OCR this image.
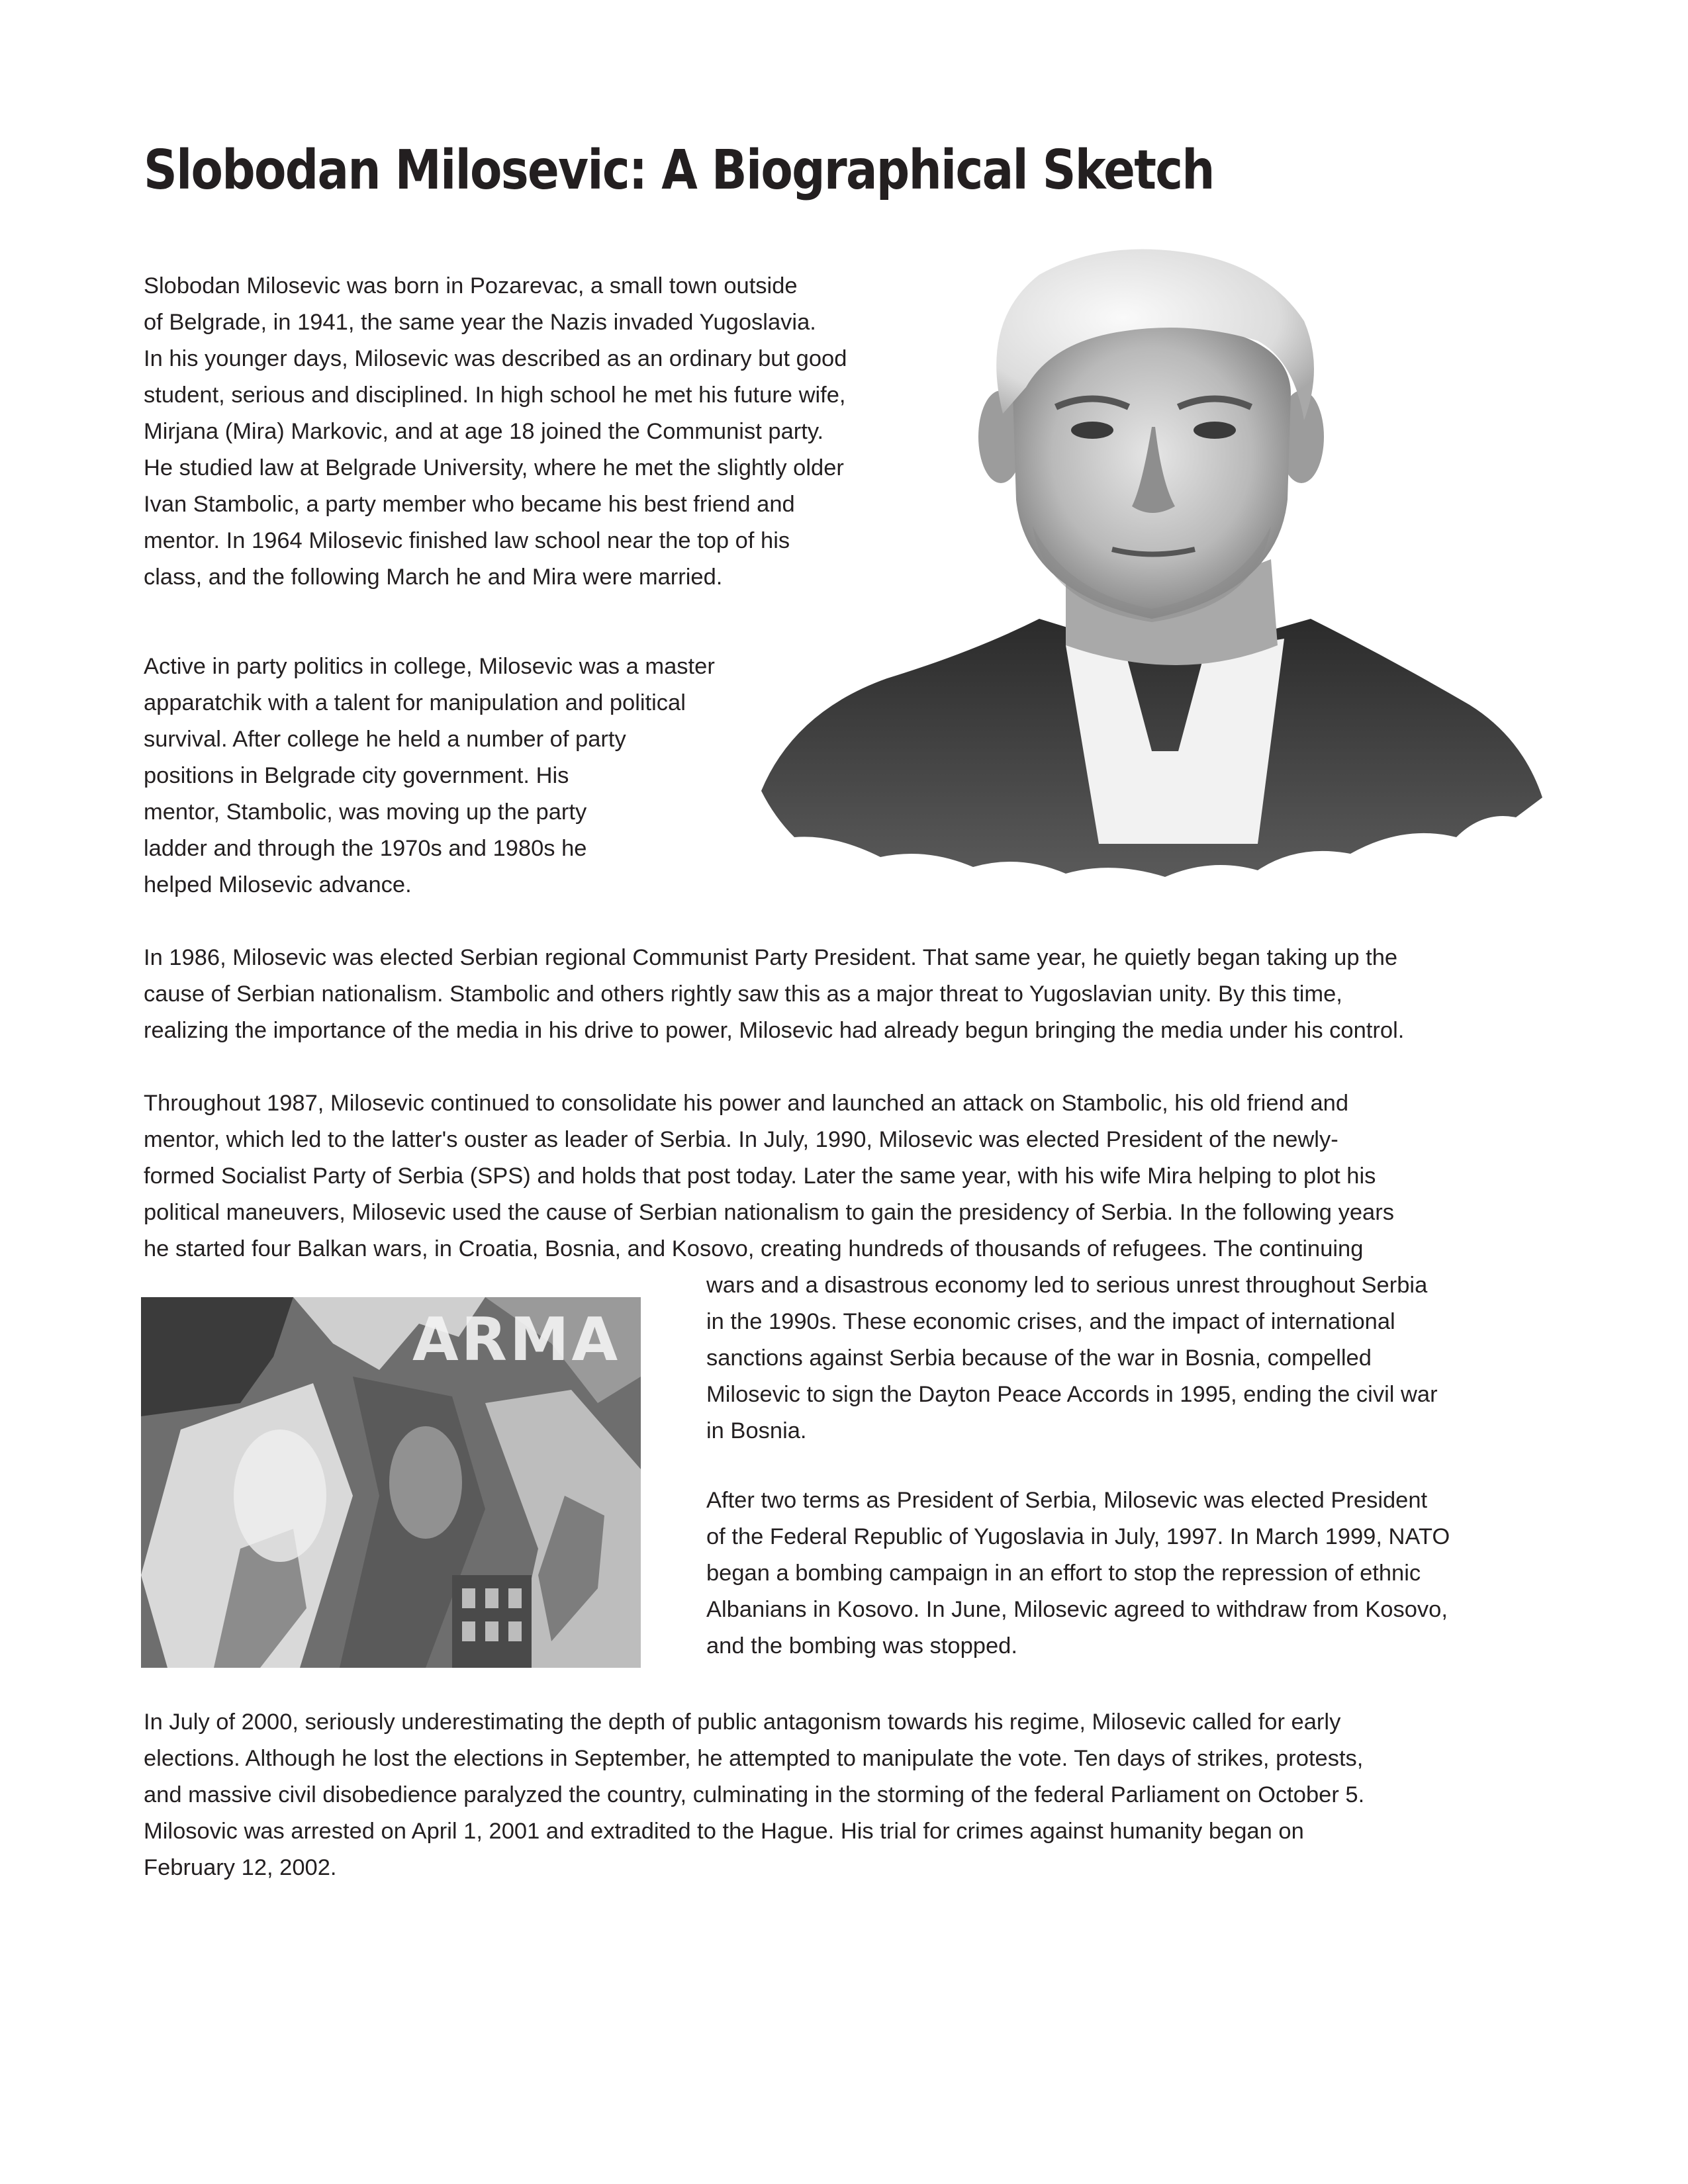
Slobodan Milosevic: A Biographical Sketch
ARMA
Slobodan Milosevic was born in Pozarevac, a small town outside
of Belgrade, in 1941, the same year the Nazis invaded Yugoslavia.
In his younger days, Milosevic was described as an ordinary but good
student, serious and disciplined. In high school he met his future wife,
Mirjana (Mira) Markovic, and at age 18 joined the Communist party.
He studied law at Belgrade University, where he met the slightly older
Ivan Stambolic, a party member who became his best friend and
mentor. In 1964 Milosevic finished law school near the top of his
class, and the following March he and Mira were married.
Active in party politics in college, Milosevic was a master
apparatchik with a talent for manipulation and political
survival. After college he held a number of party
positions in Belgrade city government. His
mentor, Stambolic, was moving up the party
ladder and through the 1970s and 1980s he
helped Milosevic advance.
In 1986, Milosevic was elected Serbian regional Communist Party President. That same year, he quietly began taking up the
cause of Serbian nationalism. Stambolic and others rightly saw this as a major threat to Yugoslavian unity. By this time,
realizing the importance of the media in his drive to power, Milosevic had already begun bringing the media under his control.
Throughout 1987, Milosevic continued to consolidate his power and launched an attack on Stambolic, his old friend and
mentor, which led to the latter's ouster as leader of Serbia. In July, 1990, Milosevic was elected President of the newly-
formed Socialist Party of Serbia (SPS) and holds that post today. Later the same year, with his wife Mira helping to plot his
political maneuvers, Milosevic used the cause of Serbian nationalism to gain the presidency of Serbia. In the following years
he started four Balkan wars, in Croatia, Bosnia, and Kosovo, creating hundreds of thousands of refugees. The continuing
wars and a disastrous economy led to serious unrest throughout Serbia
in the 1990s. These economic crises, and the impact of international
sanctions against Serbia because of the war in Bosnia, compelled
Milosevic to sign the Dayton Peace Accords in 1995, ending the civil war
in Bosnia.
After two terms as President of Serbia, Milosevic was elected President
of the Federal Republic of Yugoslavia in July, 1997. In March 1999, NATO
began a bombing campaign in an effort to stop the repression of ethnic
Albanians in Kosovo. In June, Milosevic agreed to withdraw from Kosovo,
and the bombing was stopped.
In July of 2000, seriously underestimating the depth of public antagonism towards his regime, Milosevic called for early
elections. Although he lost the elections in September, he attempted to manipulate the vote. Ten days of strikes, protests,
and massive civil disobedience paralyzed the country, culminating in the storming of the federal Parliament on October 5.
Milosovic was arrested on April 1, 2001 and extradited to the Hague. His trial for crimes against humanity began on
February 12, 2002.
